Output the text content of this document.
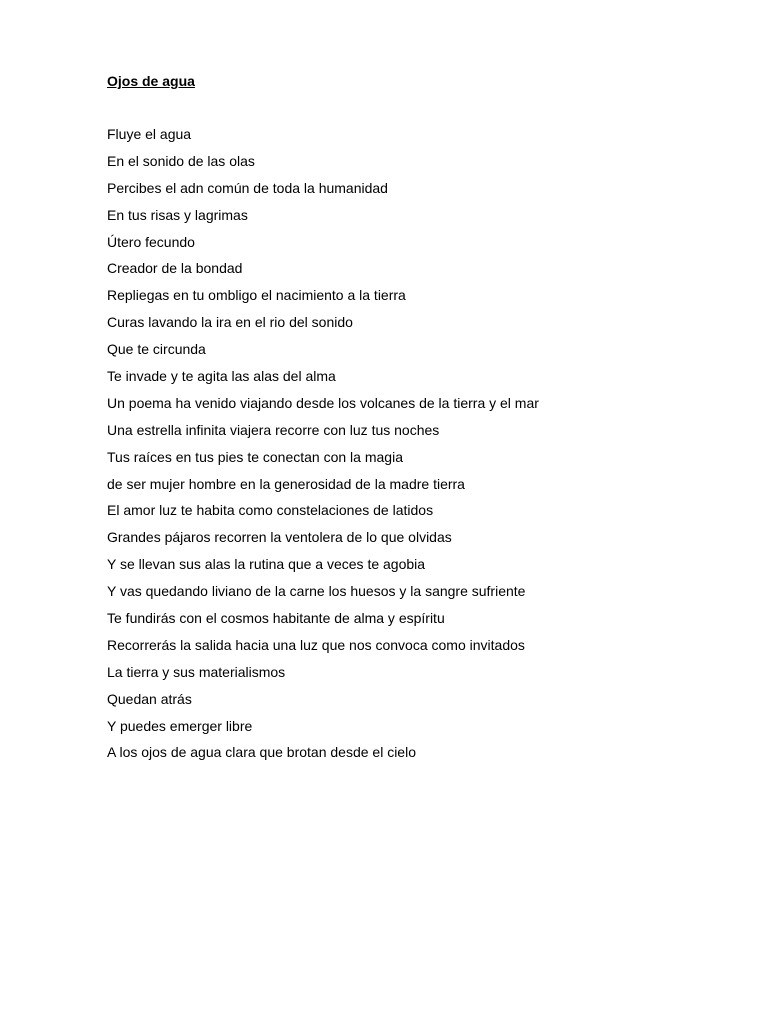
Ojos de agua
Fluye el agua
En el sonido de las olas
Percibes el adn común de toda la humanidad
En tus risas y lagrimas
Útero fecundo
Creador de la bondad
Repliegas en tu ombligo el nacimiento a la tierra
Curas lavando la ira en el rio del sonido
Que te circunda
Te invade y te agita las alas del alma
Un poema ha venido viajando desde los volcanes de la tierra y el mar
Una estrella infinita viajera recorre con luz tus noches
Tus raíces en tus pies te conectan con la magia
de ser mujer hombre en la generosidad de la madre tierra
El amor luz te habita como constelaciones de latidos
Grandes pájaros recorren la ventolera de lo que olvidas
Y se llevan sus alas la rutina que a veces te agobia
Y vas quedando liviano de la carne los huesos y la sangre sufriente
Te fundirás con el cosmos habitante de alma y espíritu
Recorrerás la salida hacia una luz que nos convoca como invitados
La tierra y sus materialismos
Quedan atrás
Y puedes emerger libre
A los ojos de agua clara que brotan desde el cielo
